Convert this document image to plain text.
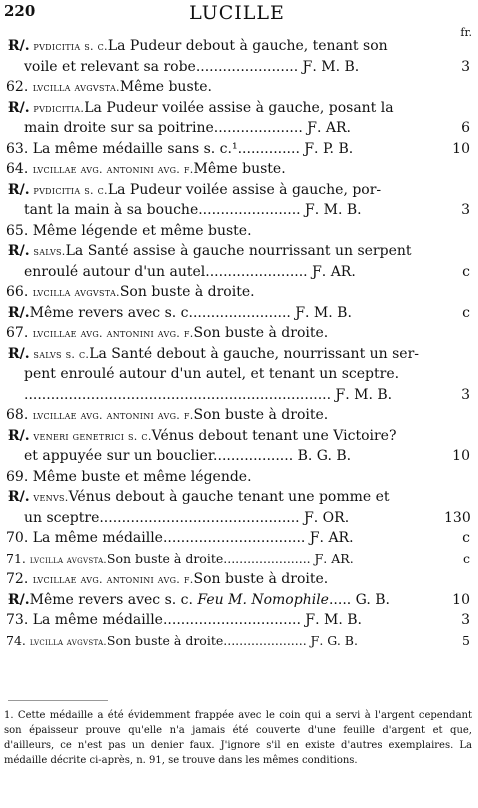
220	LUCILLE
fr.
Ɍ/. pvdicitia s. c.La Pudeur debout à gauche, tenant son
voile et relevant sa robe....................... Ƒ. M. B.	3
62. lvcilla avgvsta.Même buste.
Ɍ/. pvdicitia.La Pudeur voilée assise à gauche, posant la
main droite sur sa poitrine.................... Ƒ. AR.	6
63. La même médaille sans s. c.¹.............. Ƒ. P. B.	10
64. lvcillae avg. antonini avg. f.Même buste.
Ɍ/. pvdicitia s. c.La Pudeur voilée assise à gauche, por-
tant la main à sa bouche....................... Ƒ. M. B.	3
65. Même légende et même buste.
Ɍ/. salvs.La Santé assise à gauche nourrissant un serpent
enroulé autour d'un autel....................... Ƒ. AR.	c
66. lvcilla avgvsta.Son buste à droite.
Ɍ/.Même revers avec s. c....................... Ƒ. M. B.	c
67. lvcillae avg. antonini avg. f.Son buste à droite.
Ɍ/. salvs s. c.La Santé debout à gauche, nourrissant un ser-
pent enroulé autour d'un autel, et tenant un sceptre.
..................................................................... Ƒ. M. B.	3
68. lvcillae avg. antonini avg. f.Son buste à droite.
Ɍ/. veneri genetrici s. c.Vénus debout tenant une Victoire?
et appuyée sur un bouclier.................. B. G. B.	10
69. Même buste et même légende.
Ɍ/. venvs.Vénus debout à gauche tenant une pomme et
un sceptre............................................. Ƒ. OR.	130
70. La même médaille................................ Ƒ. AR.	c
71. lvcilla avgvsta.Son buste à droite...................... Ƒ. AR.	c
72. lvcillae avg. antonini avg. f.Son buste à droite.
Ɍ/.Même revers avec s. c. Feu M. Nomophile..... G. B.	10
73. La même médaille............................... Ƒ. M. B.	3
74. lvcilla avgvsta.Son buste à droite..................... Ƒ. G. B.	5
1. Cette médaille a été évidemment frappée avec le coin qui a servi à l'argent cependant son épaisseur prouve qu'elle n'a jamais été couverte d'une feuille d'argent et que, d'ailleurs, ce n'est pas un denier faux. J'ignore s'il en existe d'autres exemplaires. La médaille décrite ci-après, n. 91, se trouve dans les mêmes conditions.
